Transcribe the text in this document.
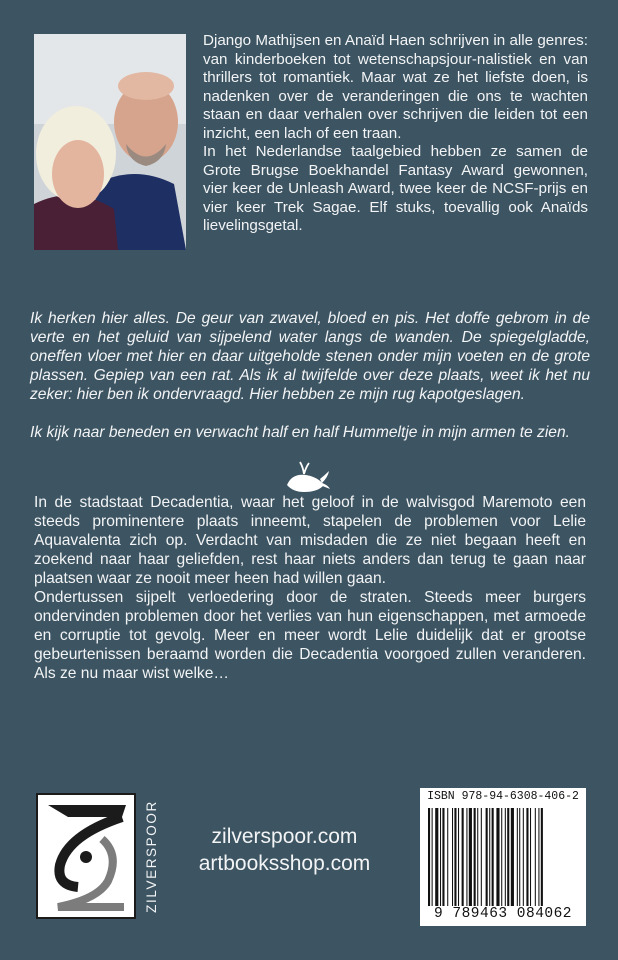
Django Mathijsen en Anaïd Haen schrijven in alle genres: van kinderboeken tot wetenschapsjour-nalistiek en van thrillers tot romantiek. Maar wat ze het liefste doen, is nadenken over de veranderingen die ons te wachten staan en daar verhalen over schrijven die leiden tot een inzicht, een lach of een traan.

In het Nederlandse taalgebied hebben ze samen de Grote Brugse Boekhandel Fantasy Award gewonnen, vier keer de Unleash Award, twee keer de NCSF-prijs en vier keer Trek Sagae. Elf stuks, toevallig ook Anaïds lievelingsgetal.

Ik herken hier alles. De geur van zwavel, bloed en pis. Het doffe gebrom in de verte en het geluid van sijpelend water langs de wanden. De spiegelgladde, oneffen vloer met hier en daar uitgeholde stenen onder mijn voeten en de grote plassen. Gepiep van een rat. Als ik al twijfelde over deze plaats, weet ik het nu zeker: hier ben ik ondervraagd. Hier hebben ze mijn rug kapotgeslagen.

Ik kijk naar beneden en verwacht half en half Hummeltje in mijn armen te zien.

In de stadstaat Decadentia, waar het geloof in de walvisgod Maremoto een steeds prominentere plaats inneemt, stapelen de problemen voor Lelie Aquavalenta zich op. Verdacht van misdaden die ze niet begaan heeft en zoekend naar haar geliefden, rest haar niets anders dan terug te gaan naar plaatsen waar ze nooit meer heen had willen gaan.

Ondertussen sijpelt verloedering door de straten. Steeds meer burgers ondervinden problemen door het verlies van hun eigenschappen, met armoede en corruptie tot gevolg. Meer en meer wordt Lelie duidelijk dat er grootse gebeurtenissen beraamd worden die Decadentia voorgoed zullen veranderen. Als ze nu maar wist welke…

ZILVERSPOOR	zilverspoor.com
artbooksshop.com
ISBN 978-94-6308-406-2
9 789463 084062
